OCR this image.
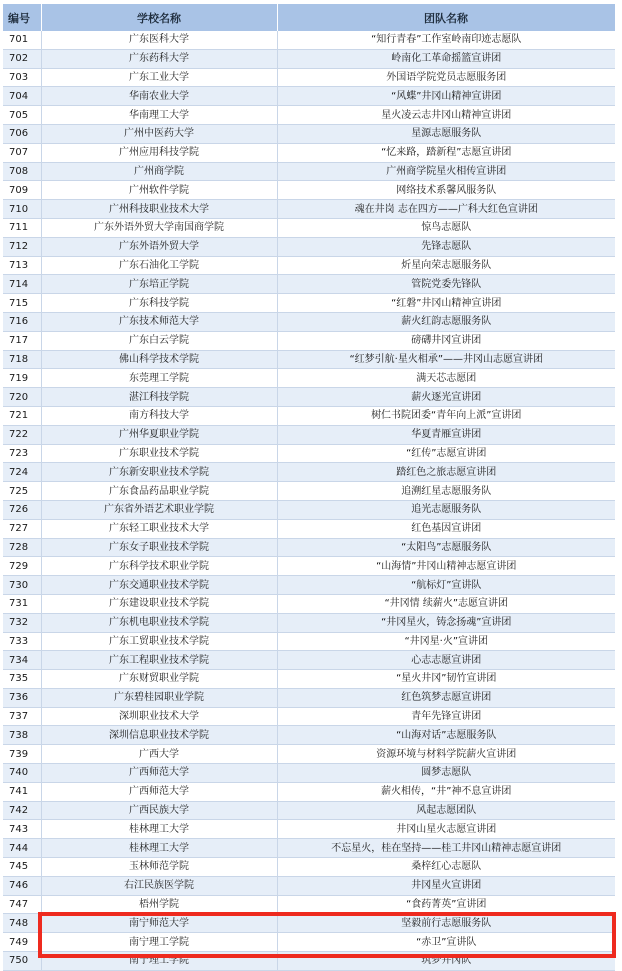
编号	学校名称	团队名称
701	广东医科大学	“知行青春”工作室岭南印迹志愿队
702	广东药科大学	岭南化工革命摇篮宣讲团
703	广东工业大学	外国语学院党员志愿服务团
704	华南农业大学	“风蝶”井冈山精神宣讲团
705	华南理工大学	星火凌云志井冈山精神宣讲团
706	广州中医药大学	星源志愿服务队
707	广州应用科技学院	“忆来路，踏新程”志愿宣讲团
708	广州商学院	广州商学院星火相传宣讲团
709	广州软件学院	网络技术系馨风服务队
710	广州科技职业技术大学	魂在井岗 志在四方——广科大红色宣讲团
711	广东外语外贸大学南国商学院	惊鸟志愿队
712	广东外语外贸大学	先锋志愿队
713	广东石油化工学院	炘星向荣志愿服务队
714	广东培正学院	管院党委先锋队
715	广东科技学院	“红磐”井冈山精神宣讲团
716	广东技术师范大学	薪火红韵志愿服务队
717	广东白云学院	磅礴井冈宣讲团
718	佛山科学技术学院	“红梦引航·星火相承”——井冈山志愿宣讲团
719	东莞理工学院	满天芯志愿团
720	湛江科技学院	薪火逐光宣讲团
721	南方科技大学	树仁书院团委“青年向上派”宣讲团
722	广州华夏职业学院	华夏青雁宣讲团
723	广东职业技术学院	“红传”志愿宣讲团
724	广东新安职业技术学院	踏红色之旅志愿宣讲团
725	广东食品药品职业学院	追溯红星志愿服务队
726	广东省外语艺术职业学院	追光志愿服务队
727	广东轻工职业技术大学	红色基因宣讲团
728	广东女子职业技术学院	“太阳鸟”志愿服务队
729	广东科学技术职业学院	“山海情”井冈山精神志愿宣讲团
730	广东交通职业技术学院	“航标灯”宣讲队
731	广东建设职业技术学院	“井冈情 续薪火”志愿宣讲团
732	广东机电职业技术学院	“井冈星火，铸念扬魂”宣讲团
733	广东工贸职业技术学院	“井冈星·火”宣讲团
734	广东工程职业技术学院	心志志愿宣讲团
735	广东财贸职业学院	“星火井冈”韧竹宣讲团
736	广东碧桂园职业学院	红色筑梦志愿宣讲团
737	深圳职业技术大学	青年先锋宣讲团
738	深圳信息职业技术学院	“山海对话”志愿服务队
739	广西大学	资源环境与材料学院薪火宣讲团
740	广西师范大学	圆梦志愿队
741	广西师范大学	薪火相传，“井”神不息宣讲团
742	广西民族大学	风起志愿团队
743	桂林理工大学	井冈山星火志愿宣讲团
744	桂林理工大学	不忘星火，桂在坚持——桂工井冈山精神志愿宣讲团
745	玉林师范学院	桑梓红心志愿队
746	右江民族医学院	井冈星火宣讲团
747	梧州学院	“食药菁英”宣讲团
748	南宁师范大学	坚毅前行志愿服务队
749	南宁理工学院	“赤卫”宣讲队
750	南宁理工学院	筑梦井冈队
